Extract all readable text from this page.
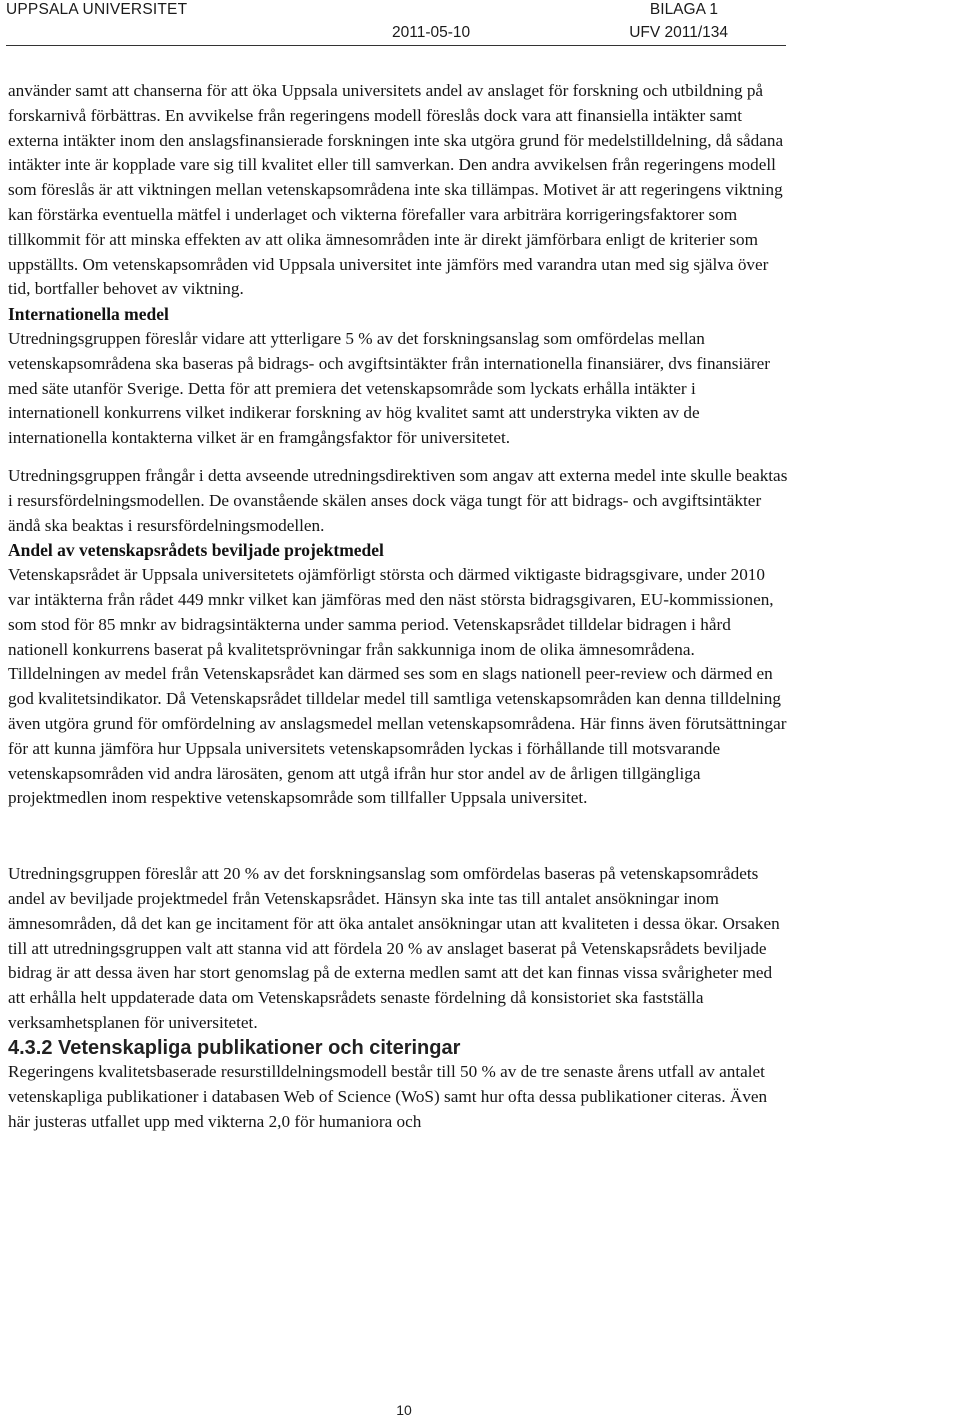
UPPSALA UNIVERSITET
2011-05-10
BILAGA 1
UFV 2011/134

använder samt att chanserna för att öka Uppsala universitets andel av anslaget för forskning och utbildning på forskarnivå förbättras. En avvikelse från regeringens modell föreslås dock vara att finansiella intäkter samt externa intäkter inom den anslagsfinansierade forskningen inte ska utgöra grund för medelstilldelning, då sådana intäkter inte är kopplade vare sig till kvalitet eller till samverkan. Den andra avvikelsen från regeringens modell som föreslås är att viktningen mellan vetenskapsområdena inte ska tillämpas. Motivet är att regeringens viktning kan förstärka eventuella mätfel i underlaget och vikterna förefaller vara arbiträra korrigeringsfaktorer som tillkommit för att minska effekten av att olika ämnesområden inte är direkt jämförbara enligt de kriterier som uppställts. Om vetenskapsområden vid Uppsala universitet inte jämförs med varandra utan med sig själva över tid, bortfaller behovet av viktning.

Internationella medel

Utredningsgruppen föreslår vidare att ytterligare 5 % av det forskningsanslag som omfördelas mellan vetenskapsområdena ska baseras på bidrags- och avgiftsintäkter från internationella finansiärer, dvs finansiärer med säte utanför Sverige. Detta för att premiera det vetenskapsområde som lyckats erhålla intäkter i internationell konkurrens vilket indikerar forskning av hög kvalitet samt att understryka vikten av de internationella kontakterna vilket är en framgångsfaktor för universitetet.

Utredningsgruppen frångår i detta avseende utredningsdirektiven som angav att externa medel inte skulle beaktas i resursfördelningsmodellen. De ovanstående skälen anses dock väga tungt för att bidrags- och avgiftsintäkter ändå ska beaktas i resursfördelningsmodellen.

Andel av vetenskapsrådets beviljade projektmedel

Vetenskapsrådet är Uppsala universitetets ojämförligt största och därmed viktigaste bidragsgivare, under 2010 var intäkterna från rådet 449 mnkr vilket kan jämföras med den näst största bidragsgivaren, EU-kommissionen, som stod för 85 mnkr av bidragsintäkterna under samma period. Vetenskapsrådet tilldelar bidragen i hård nationell konkurrens baserat på kvalitetsprövningar från sakkunniga inom de olika ämnesområdena. Tilldelningen av medel från Vetenskapsrådet kan därmed ses som en slags nationell peer-review och därmed en god kvalitetsindikator. Då Vetenskapsrådet tilldelar medel till samtliga vetenskapsområden kan denna tilldelning även utgöra grund för omfördelning av anslagsmedel mellan vetenskapsområdena. Här finns även förutsättningar för att kunna jämföra hur Uppsala universitets vetenskapsområden lyckas i förhållande till motsvarande vetenskapsområden vid andra lärosäten, genom att utgå ifrån hur stor andel av de årligen tillgängliga projektmedlen inom respektive vetenskapsområde som tillfaller Uppsala universitet.

Utredningsgruppen föreslår att 20 % av det forskningsanslag som omfördelas baseras på vetenskapsområdets andel av beviljade projektmedel från Vetenskapsrådet. Hänsyn ska inte tas till antalet ansökningar inom ämnesområden, då det kan ge incitament för att öka antalet ansökningar utan att kvaliteten i dessa ökar. Orsaken till att utredningsgruppen valt att stanna vid att fördela 20 % av anslaget baserat på Vetenskapsrådets beviljade bidrag är att dessa även har stort genomslag på de externa medlen samt att det kan finnas vissa svårigheter med att erhålla helt uppdaterade data om Vetenskapsrådets senaste fördelning då konsistoriet ska fastställa verksamhetsplanen för universitetet.

4.3.2 Vetenskapliga publikationer och citeringar

Regeringens kvalitetsbaserade resurstilldelningsmodell består till 50 % av de tre senaste årens utfall av antalet vetenskapliga publikationer i databasen Web of Science (WoS) samt hur ofta dessa publikationer citeras. Även här justeras utfallet upp med vikterna 2,0 för humaniora och

10
